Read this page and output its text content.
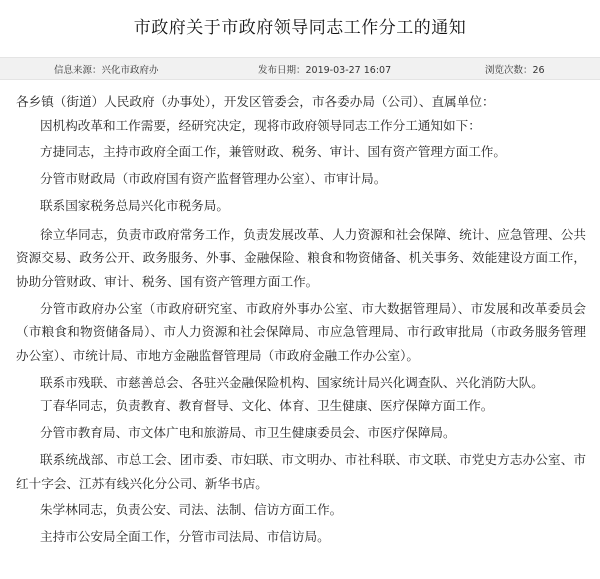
市政府关于市政府领导同志工作分工的通知
信息来源：兴化市政府办	发布日期：2019-03-27 16:07	浏览次数：26

各乡镇（街道）人民政府（办事处），开发区管委会，市各委办局（公司）、直属单位：

因机构改革和工作需要，经研究决定，现将市政府领导同志工作分工通知如下：

方捷同志，主持市政府全面工作，兼管财政、税务、审计、国有资产管理方面工作。

分管市财政局（市政府国有资产监督管理办公室）、市审计局。

联系国家税务总局兴化市税务局。

徐立华同志，负责市政府常务工作，负责发展改革、人力资源和社会保障、统计、应急管理、公共资源交易、政务公开、政务服务、外事、金融保险、粮食和物资储备、机关事务、效能建设方面工作，协助分管财政、审计、税务、国有资产管理方面工作。

分管市政府办公室（市政府研究室、市政府外事办公室、市大数据管理局）、市发展和改革委员会（市粮食和物资储备局）、市人力资源和社会保障局、市应急管理局、市行政审批局（市政务服务管理办公室）、市统计局、市地方金融监督管理局（市政府金融工作办公室）。

联系市残联、市慈善总会、各驻兴金融保险机构、国家统计局兴化调查队、兴化消防大队。

丁春华同志，负责教育、教育督导、文化、体育、卫生健康、医疗保障方面工作。

分管市教育局、市文体广电和旅游局、市卫生健康委员会、市医疗保障局。

联系统战部、市总工会、团市委、市妇联、市文明办、市社科联、市文联、市党史方志办公室、市红十字会、江苏有线兴化分公司、新华书店。

朱学林同志，负责公安、司法、法制、信访方面工作。

主持市公安局全面工作，分管市司法局、市信访局。
